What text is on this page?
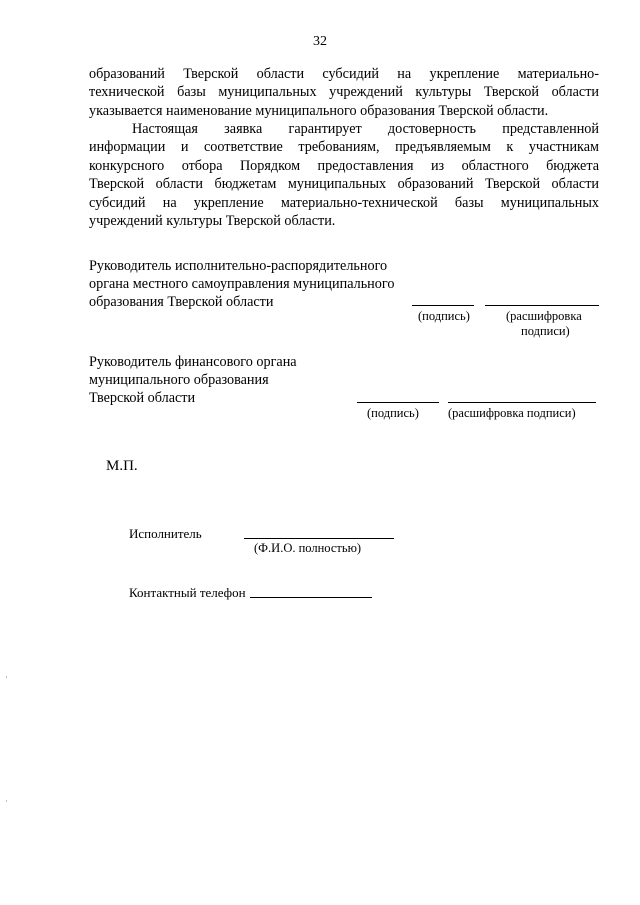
32
образований Тверской области субсидий на укрепление материально-
технической базы муниципальных учреждений культуры Тверской области
указывается наименование муниципального образования Тверской области.
Настоящая заявка гарантирует достоверность представленной
информации и соответствие требованиям, предъявляемым к участникам
конкурсного отбора Порядком предоставления из областного бюджета
Тверской области бюджетам муниципальных образований Тверской области
субсидий на укрепление материально-технической базы муниципальных
учреждений культуры Тверской области.
Руководитель исполнительно-распорядительного
органа местного самоуправления муниципального
образования Тверской области
(подпись)	(расшифровка
подписи)
Руководитель финансового органа
муниципального образования
Тверской области
(подпись) (расшифровка подписи)
М.П.
Исполнитель
(Ф.И.О. полностью)
Контактный телефон
